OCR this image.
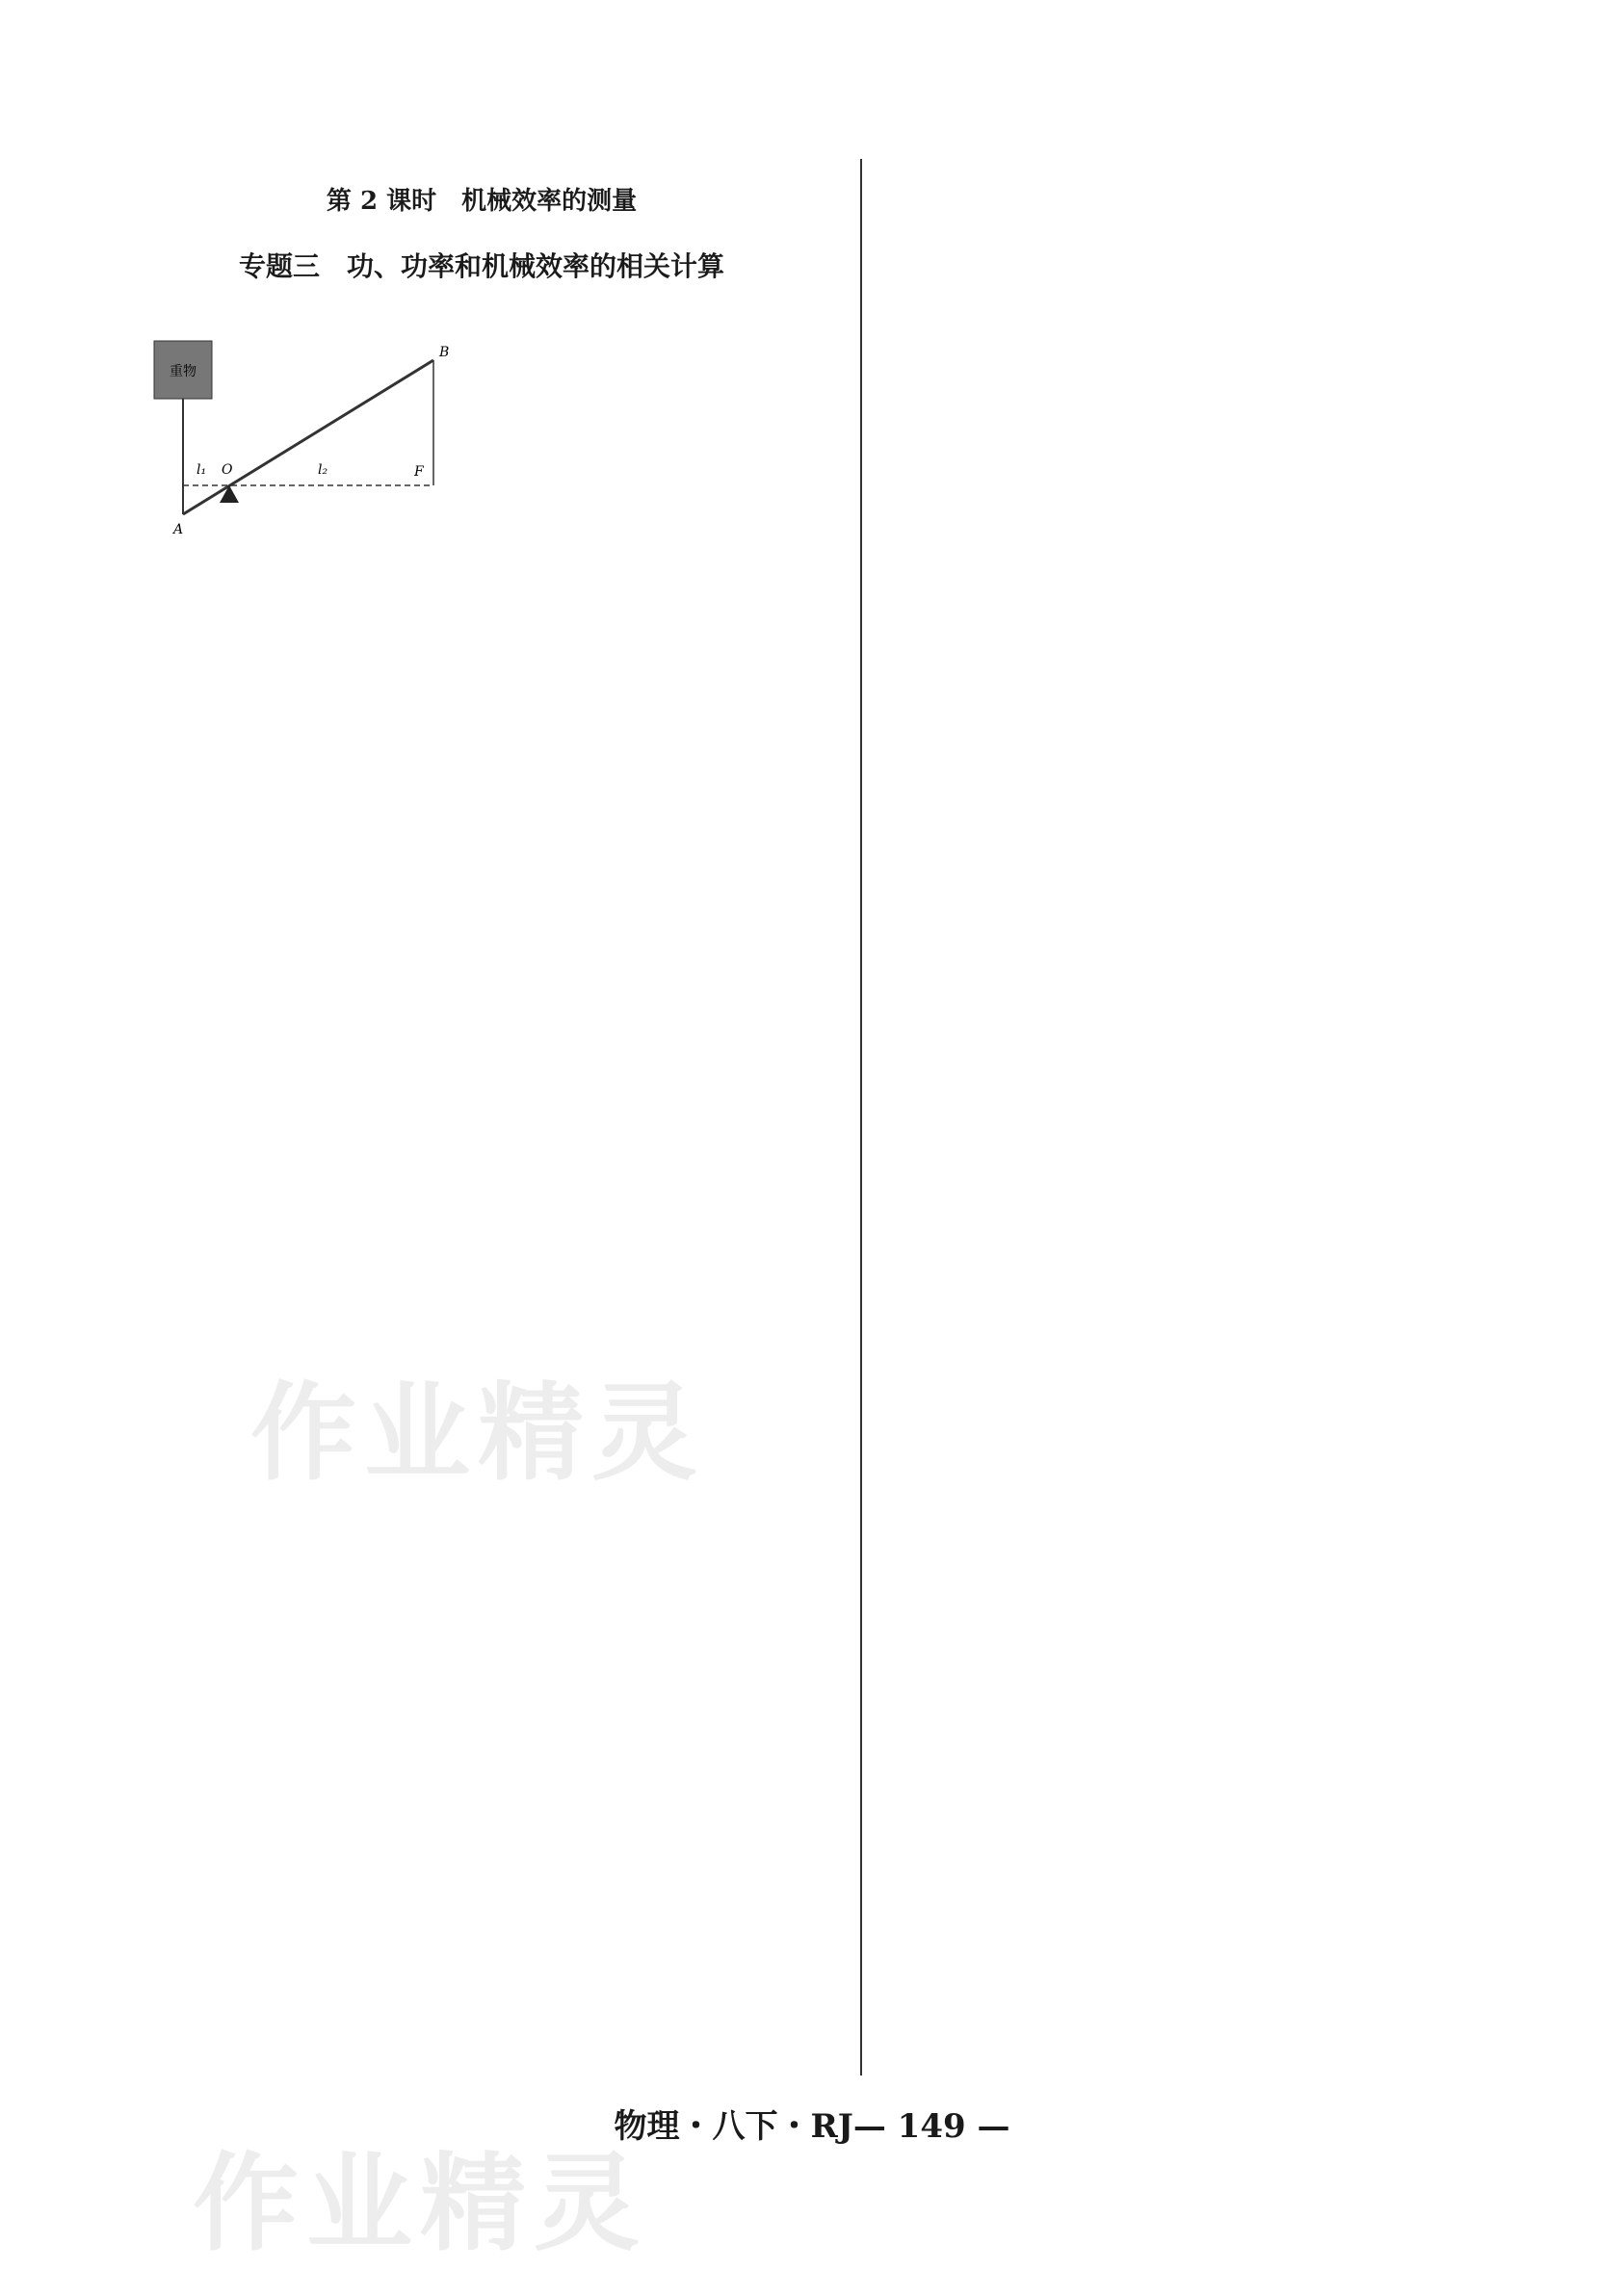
第 2 课时　机械效率的测量
专题三　功、功率和机械效率的相关计算
重物
A
B
O	F
l₁	l₂
物理・八下・RJ— 149 —
作业精灵
作业精灵
